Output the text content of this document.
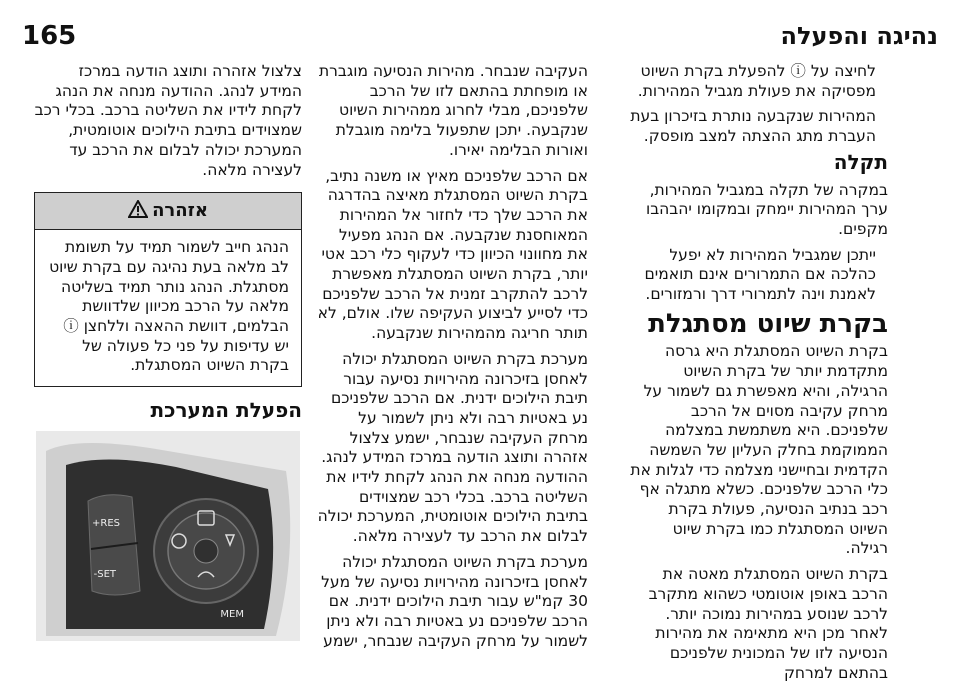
165	נהיגה והפעלה

לחיצה על ⓘ להפעלת בקרת השיוט מפסיקה את פעולת מגביל המהירות.

המהירות שנקבעה נותרת בזיכרון בעת העברת מתג ההצתה למצב מופסק.

תקלה

במקרה של תקלה במגביל המהירות, ערך המהירות יימחק ובמקומו יהבהבו מקפים.

ייתכן שמגביל המהירות לא יפעל כהלכה אם התמרורים אינם תואמים לאמנת וינה לתמרורי דרך ורמזורים.

בקרת שיוט מסתגלת

בקרת השיוט המסתגלת היא גרסה מתקדמת יותר של בקרת השיוט הרגילה, והיא מאפשרת גם לשמור על מרחק עקיבה מסוים אל הרכב שלפניכם. היא משתמשת במצלמה הממוקמת בחלק העליון של השמשה הקדמית ובחיישני מצלמה כדי לגלות את כלי הרכב שלפניכם. כשלא מתגלה אף רכב בנתיב הנסיעה, פעולת בקרת השיוט המסתגלת כמו בקרת שיוט רגילה.

בקרת השיוט המסתגלת מאטה את הרכב באופן אוטומטי כשהוא מתקרב לרכב שנוסע במהירות נמוכה יותר. לאחר מכן היא מתאימה את מהירות הנסיעה לזו של המכונית שלפניכם בהתאם למרחק

העקיבה שנבחר. מהירות הנסיעה מוגברת או מופחתת בהתאם לזו של הרכב שלפניכם, מבלי לחרוג ממהירות השיוט שנקבעה. יתכן שתפעול בלימה מוגבלת ואורות הבלימה יאירו.

אם הרכב שלפניכם מאיץ או משנה נתיב, בקרת השיוט המסתגלת מאיצה בהדרגה את הרכב שלך כדי לחזור אל המהירות המאוחסנת שנקבעה. אם הנהג מפעיל את מחוונוי הכיוון כדי לעקוף כלי רכב אטי יותר, בקרת השיוט המסתגלת מאפשרת לרכב להתקרב זמנית אל הרכב שלפניכם כדי לסייע לביצוע העקיפה שלו. אולם, לא תותר חריגה מהמהירות שנקבעה.

מערכת בקרת השיוט המסתגלת יכולה לאחסן בזיכרונה מהירויות נסיעה עבור תיבת הילוכים ידנית. אם הרכב שלפניכם נע באטיות רבה ולא ניתן לשמור על מרחק העקיבה שנבחר, ישמע צלצול אזהרה ותוצג הודעה במרכז המידע לנהג. ההודעה מנחה את הנהג לקחת לידיו את השליטה ברכב. בכלי רכב שמצוידים בתיבת הילוכים אוטומטית, המערכת יכולה לבלום את הרכב עד לעצירה מלאה.

מערכת בקרת השיוט המסתגלת יכולה לאחסן בזיכרונה מהירויות נסיעה של מעל 30 קמ"ש עבור תיבת הילוכים ידנית. אם הרכב שלפניכם נע באטיות רבה ולא ניתן לשמור על מרחק העקיבה שנבחר, ישמע

צלצול אזהרה ותוצג הודעה במרכז המידע לנהג. ההודעה מנחה את הנהג לקחת לידיו את השליטה ברכב. בכלי רכב שמצוידים בתיבת הילוכים אוטומטית, המערכת יכולה לבלום את הרכב עד לעצירה מלאה.

אזהרה
הנהג חייב לשמור תמיד על תשומת לב מלאה בעת נהיגה עם בקרת שיוט מסתגלת. הנהג נותר תמיד בשליטה מלאה על הרכב מכיוון שלדוושת הבלמים, דוושת ההאצה וללחצן ⓘ יש עדיפות על פני כל פעולה של בקרת השיוט המסתגלת.
הפעלת המערכת
RES+
SET-
MEM
